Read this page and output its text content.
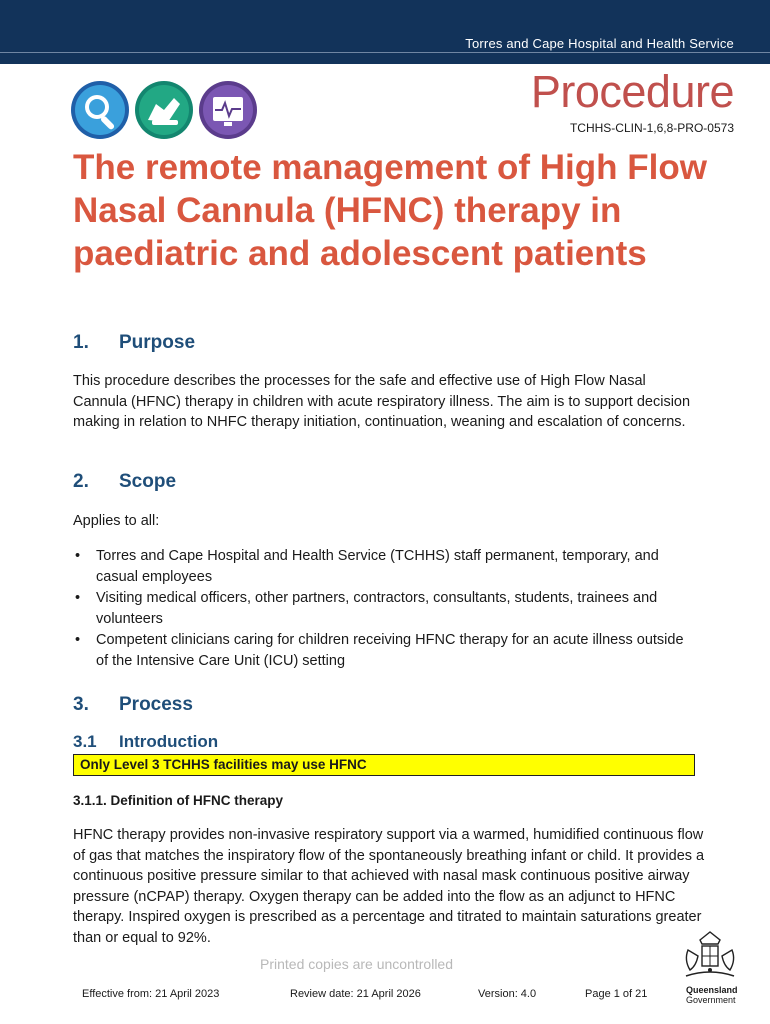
Torres and Cape Hospital and Health Service
Procedure
TCHHS-CLIN-1,6,8-PRO-0573
The remote management of High Flow Nasal Cannula (HFNC) therapy in paediatric and adolescent patients
1. Purpose

This procedure describes the processes for the safe and effective use of High Flow Nasal Cannula (HFNC) therapy in children with acute respiratory illness. The aim is to support decision making in relation to NHFC therapy initiation, continuation, weaning and escalation of concerns.

2. Scope

Applies to all:

• Torres and Cape Hospital and Health Service (TCHHS) staff permanent, temporary, and casual employees
• Visiting medical officers, other partners, contractors, consultants, students, trainees and volunteers
• Competent clinicians caring for children receiving HFNC therapy for an acute illness outside of the Intensive Care Unit (ICU) setting
3. Process
3.1 Introduction
Only Level 3 TCHHS facilities may use HFNC
3.1.1. Definition of HFNC therapy

HFNC therapy provides non-invasive respiratory support via a warmed, humidified continuous flow of gas that matches the inspiratory flow of the spontaneously breathing infant or child. It provides a continuous positive pressure similar to that achieved with nasal mask continuous positive airway pressure (nCPAP) therapy. Oxygen therapy can be added into the flow as an adjunct to HFNC therapy. Inspired oxygen is prescribed as a percentage and titrated to maintain saturations greater than or equal to 92%.

Printed copies are uncontrolled
Effective from: 21 April 2023	Review date: 21 April 2026	Version: 4.0	Page 1 of 21	Queensland
Government
